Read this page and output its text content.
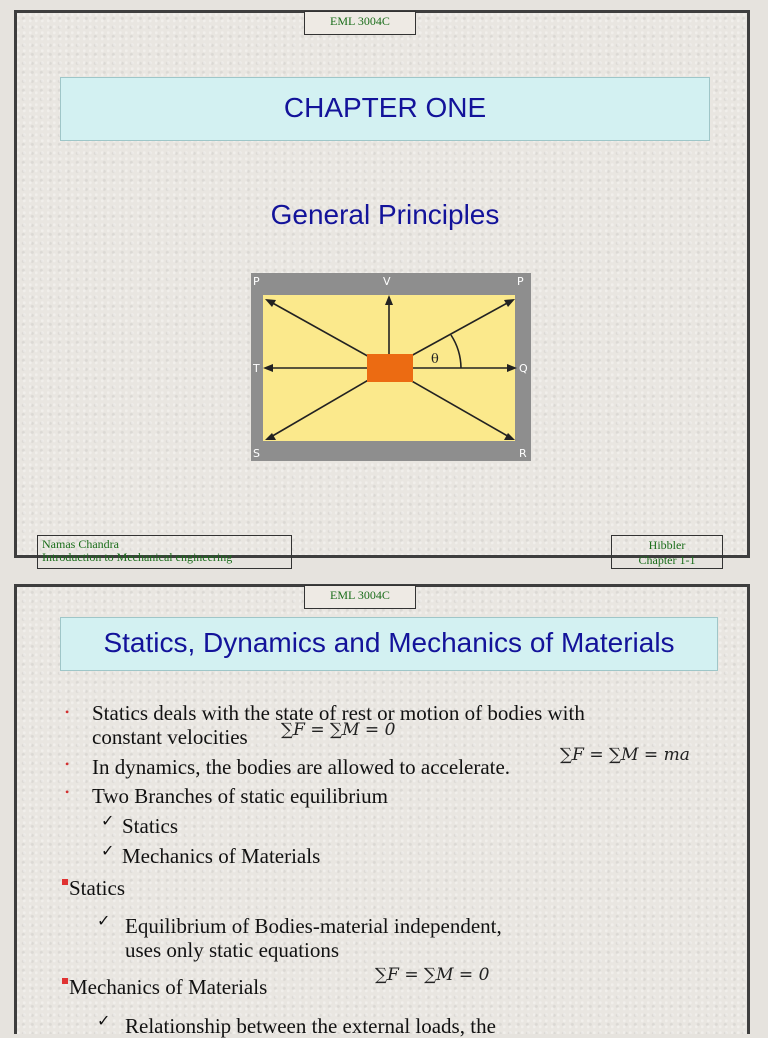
EML 3004C
CHAPTER ONE
General Principles
P	V	P
T	Q
S	R
θ
Namas Chandra
Introduction to Mechanical engineering
Hibbler
Chapter 1-1
EML 3004C
Statics, Dynamics and Mechanics of Materials
• Statics deals with the state of rest or motion of bodies with
constant velocities	∑F = ∑M = 0
• In dynamics, the bodies are allowed to accelerate.	∑F = ∑M = ma
• Two Branches of static equilibrium
✓ Statics
✓ Mechanics of Materials
Statics
✓ Equilibrium of Bodies-material independent,
uses only static equations
Mechanics of Materials	∑F = ∑M = 0
✓ Relationship between the external loads, the
